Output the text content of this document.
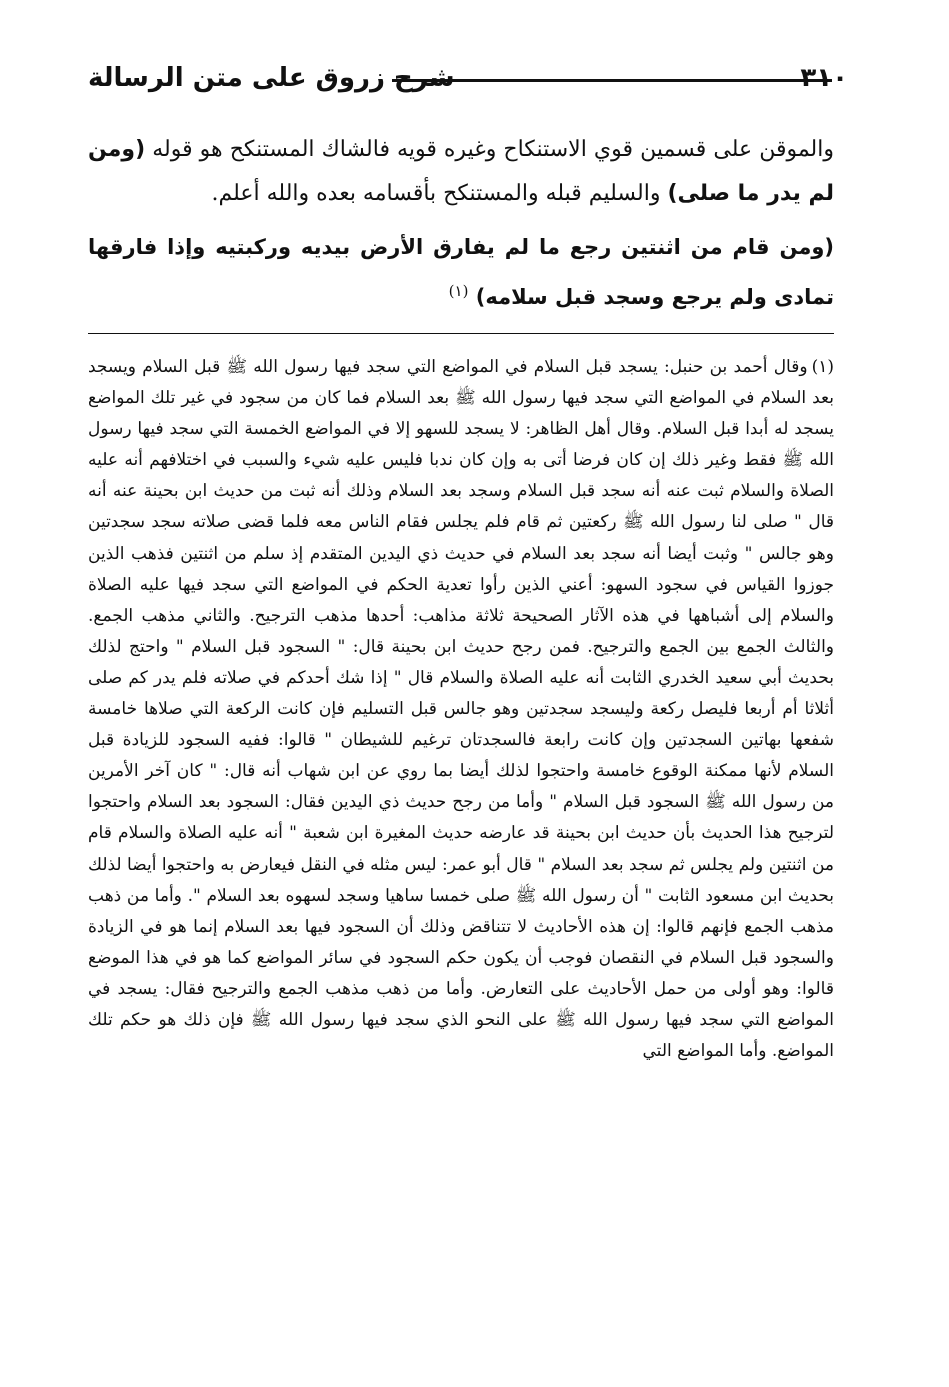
شرح زروق على متن الرسالة	٣١٠

والموقن على قسمين قوي الاستنكاح وغيره قويه فالشاك المستنكح هو قوله (ومن لم يدر ما صلى) والسليم قبله والمستنكح بأقسامه بعده والله أعلم.

(ومن قام من اثنتين رجع ما لم يفارق الأرض بيديه وركبتيه وإذا فارقها تمادى ولم يرجع وسجد قبل سلامه) $^{(١)}$

(١)وقال أحمد بن حنبل: يسجد قبل السلام في المواضع التي سجد فيها رسول الله ﷺ قبل السلام ويسجد بعد السلام في المواضع التي سجد فيها رسول الله ﷺ بعد السلام فما كان من سجود في غير تلك المواضع يسجد له أبدا قبل السلام. وقال أهل الظاهر: لا يسجد للسهو إلا في المواضع الخمسة التي سجد فيها رسول الله ﷺ فقط وغير ذلك إن كان فرضا أتى به وإن كان ندبا فليس عليه شيء والسبب في اختلافهم أنه عليه الصلاة والسلام ثبت عنه أنه سجد قبل السلام وسجد بعد السلام وذلك أنه ثبت من حديث ابن بحينة عنه أنه قال " صلى لنا رسول الله ﷺ ركعتين ثم قام فلم يجلس فقام الناس معه فلما قضى صلاته سجد سجدتين وهو جالس " وثبت أيضا أنه سجد بعد السلام في حديث ذي اليدين المتقدم إذ سلم من اثنتين فذهب الذين جوزوا القياس في سجود السهو: أعني الذين رأوا تعدية الحكم في المواضع التي سجد فيها عليه الصلاة والسلام إلى أشباهها في هذه الآثار الصحيحة ثلاثة مذاهب: أحدها مذهب الترجيح. والثاني مذهب الجمع. والثالث الجمع بين الجمع والترجيح. فمن رجح حديث ابن بحينة قال: " السجود قبل السلام " واحتج لذلك بحديث أبي سعيد الخدري الثابت أنه عليه الصلاة والسلام قال " إذا شك أحدكم في صلاته فلم يدر كم صلى أثلاثا أم أربعا فليصل ركعة وليسجد سجدتين وهو جالس قبل التسليم فإن كانت الركعة التي صلاها خامسة شفعها بهاتين السجدتين وإن كانت رابعة فالسجدتان ترغيم للشيطان " قالوا: ففيه السجود للزيادة قبل السلام لأنها ممكنة الوقوع خامسة واحتجوا لذلك أيضا بما روي عن ابن شهاب أنه قال: " كان آخر الأمرين من رسول الله ﷺ السجود قبل السلام " وأما من رجح حديث ذي اليدين فقال: السجود بعد السلام واحتجوا لترجيح هذا الحديث بأن حديث ابن بحينة قد عارضه حديث المغيرة ابن شعبة " أنه عليه الصلاة والسلام قام من اثنتين ولم يجلس ثم سجد بعد السلام " قال أبو عمر: ليس مثله في النقل فيعارض به واحتجوا أيضا لذلك بحديث ابن مسعود الثابت " أن رسول الله ﷺ صلى خمسا ساهيا وسجد لسهوه بعد السلام ". وأما من ذهب مذهب الجمع فإنهم قالوا: إن هذه الأحاديث لا تتناقض وذلك أن السجود فيها بعد السلام إنما هو في الزيادة والسجود قبل السلام في النقصان فوجب أن يكون حكم السجود في سائر المواضع كما هو في هذا الموضع قالوا: وهو أولى من حمل الأحاديث على التعارض. وأما من ذهب مذهب الجمع والترجيح فقال: يسجد في المواضع التي سجد فيها رسول الله ﷺ على النحو الذي سجد فيها رسول الله ﷺ فإن ذلك هو حكم تلك المواضع. وأما المواضع التي
